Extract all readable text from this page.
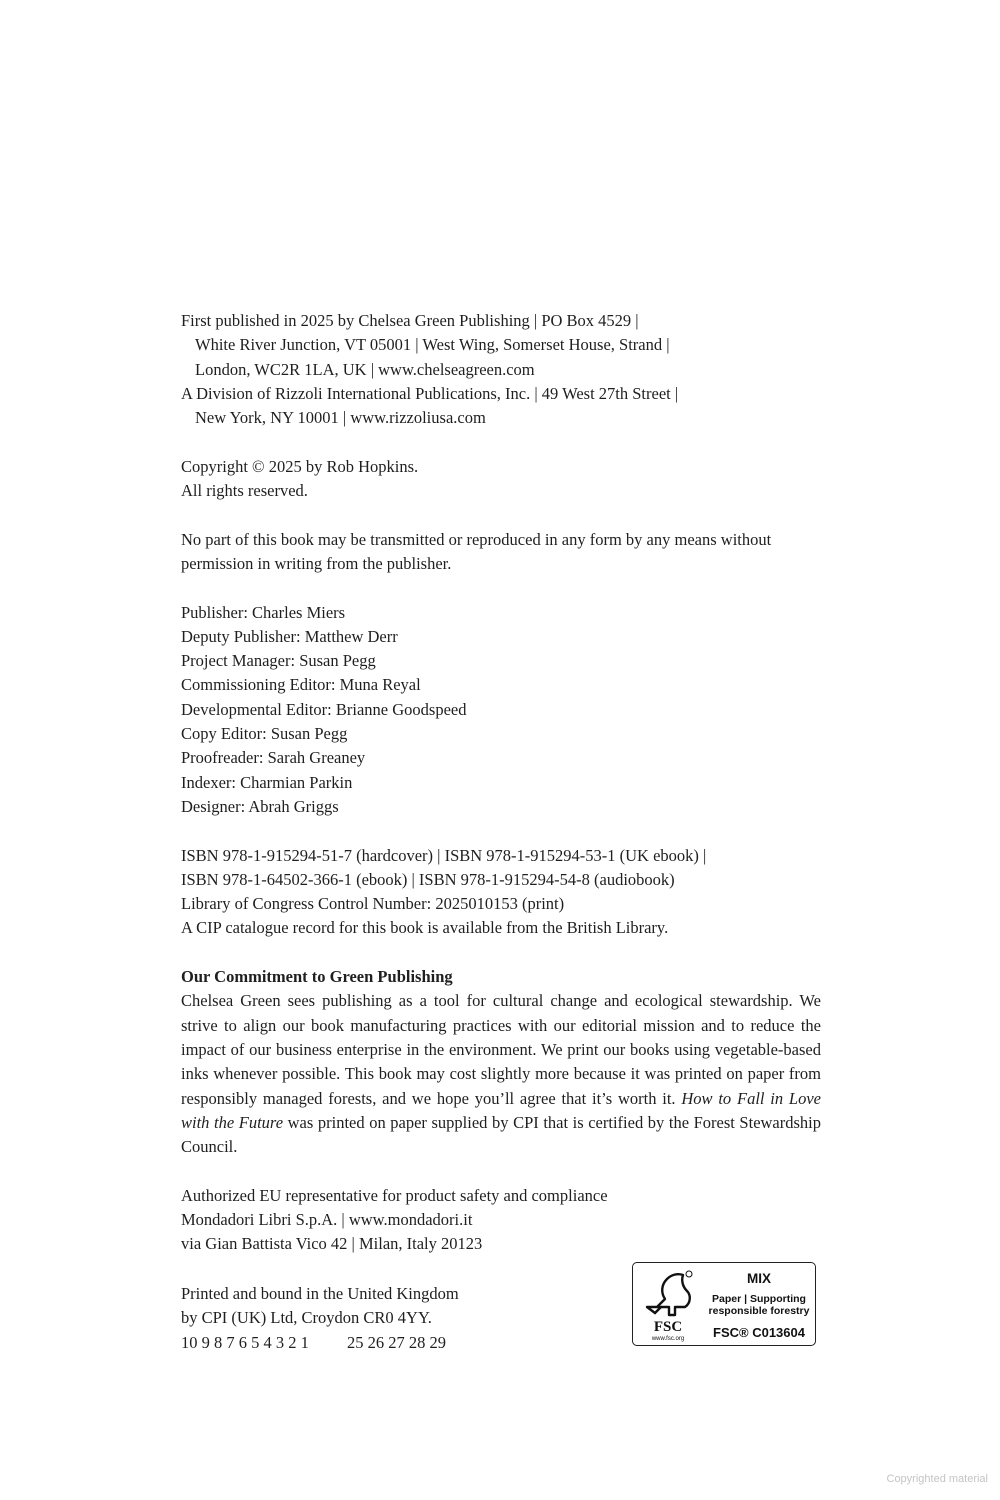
First published in 2025 by Chelsea Green Publishing | PO Box 4529 |
White River Junction, VT 05001 | West Wing, Somerset House, Strand |
London, WC2R 1LA, UK | www.chelseagreen.com
A Division of Rizzoli International Publications, Inc. | 49 West 27th Street |
New York, NY 10001 | www.rizzoliusa.com
Copyright © 2025 by Rob Hopkins.
All rights reserved.
No part of this book may be transmitted or reproduced in any form by any means without
permission in writing from the publisher.
Publisher: Charles Miers
Deputy Publisher: Matthew Derr
Project Manager: Susan Pegg
Commissioning Editor: Muna Reyal
Developmental Editor: Brianne Goodspeed
Copy Editor: Susan Pegg
Proofreader: Sarah Greaney
Indexer: Charmian Parkin
Designer: Abrah Griggs
ISBN 978-1-915294-51-7 (hardcover) | ISBN 978-1-915294-53-1 (UK ebook) |
ISBN 978-1-64502-366-1 (ebook) | ISBN 978-1-915294-54-8 (audiobook)
Library of Congress Control Number: 2025010153 (print)
A CIP catalogue record for this book is available from the British Library.
Our Commitment to Green Publishing

Chelsea Green sees publishing as a tool for cultural change and ecological stewardship. We strive to align our book manufacturing practices with our editorial mission and to reduce the impact of our business enterprise in the environment. We print our books using vegetable-based inks whenever possible. This book may cost slightly more because it was printed on paper from responsibly managed forests, and we hope you’ll agree that it’s worth it. How to Fall in Love with the Future was printed on paper supplied by CPI that is certified by the Forest Stewardship Council.

Authorized EU representative for product safety and compliance
Mondadori Libri S.p.A. | www.mondadori.it
via Gian Battista Vico 42 | Milan, Italy 20123
Printed and bound in the United Kingdom
by CPI (UK) Ltd, Croydon CR0 4YY.
10 9 8 7 6 5 4 3 2 1 25 26 27 28 29
FSC
www.fsc.org
MIX
Paper | Supporting responsible forestry
FSC® C013604
Copyrighted material
